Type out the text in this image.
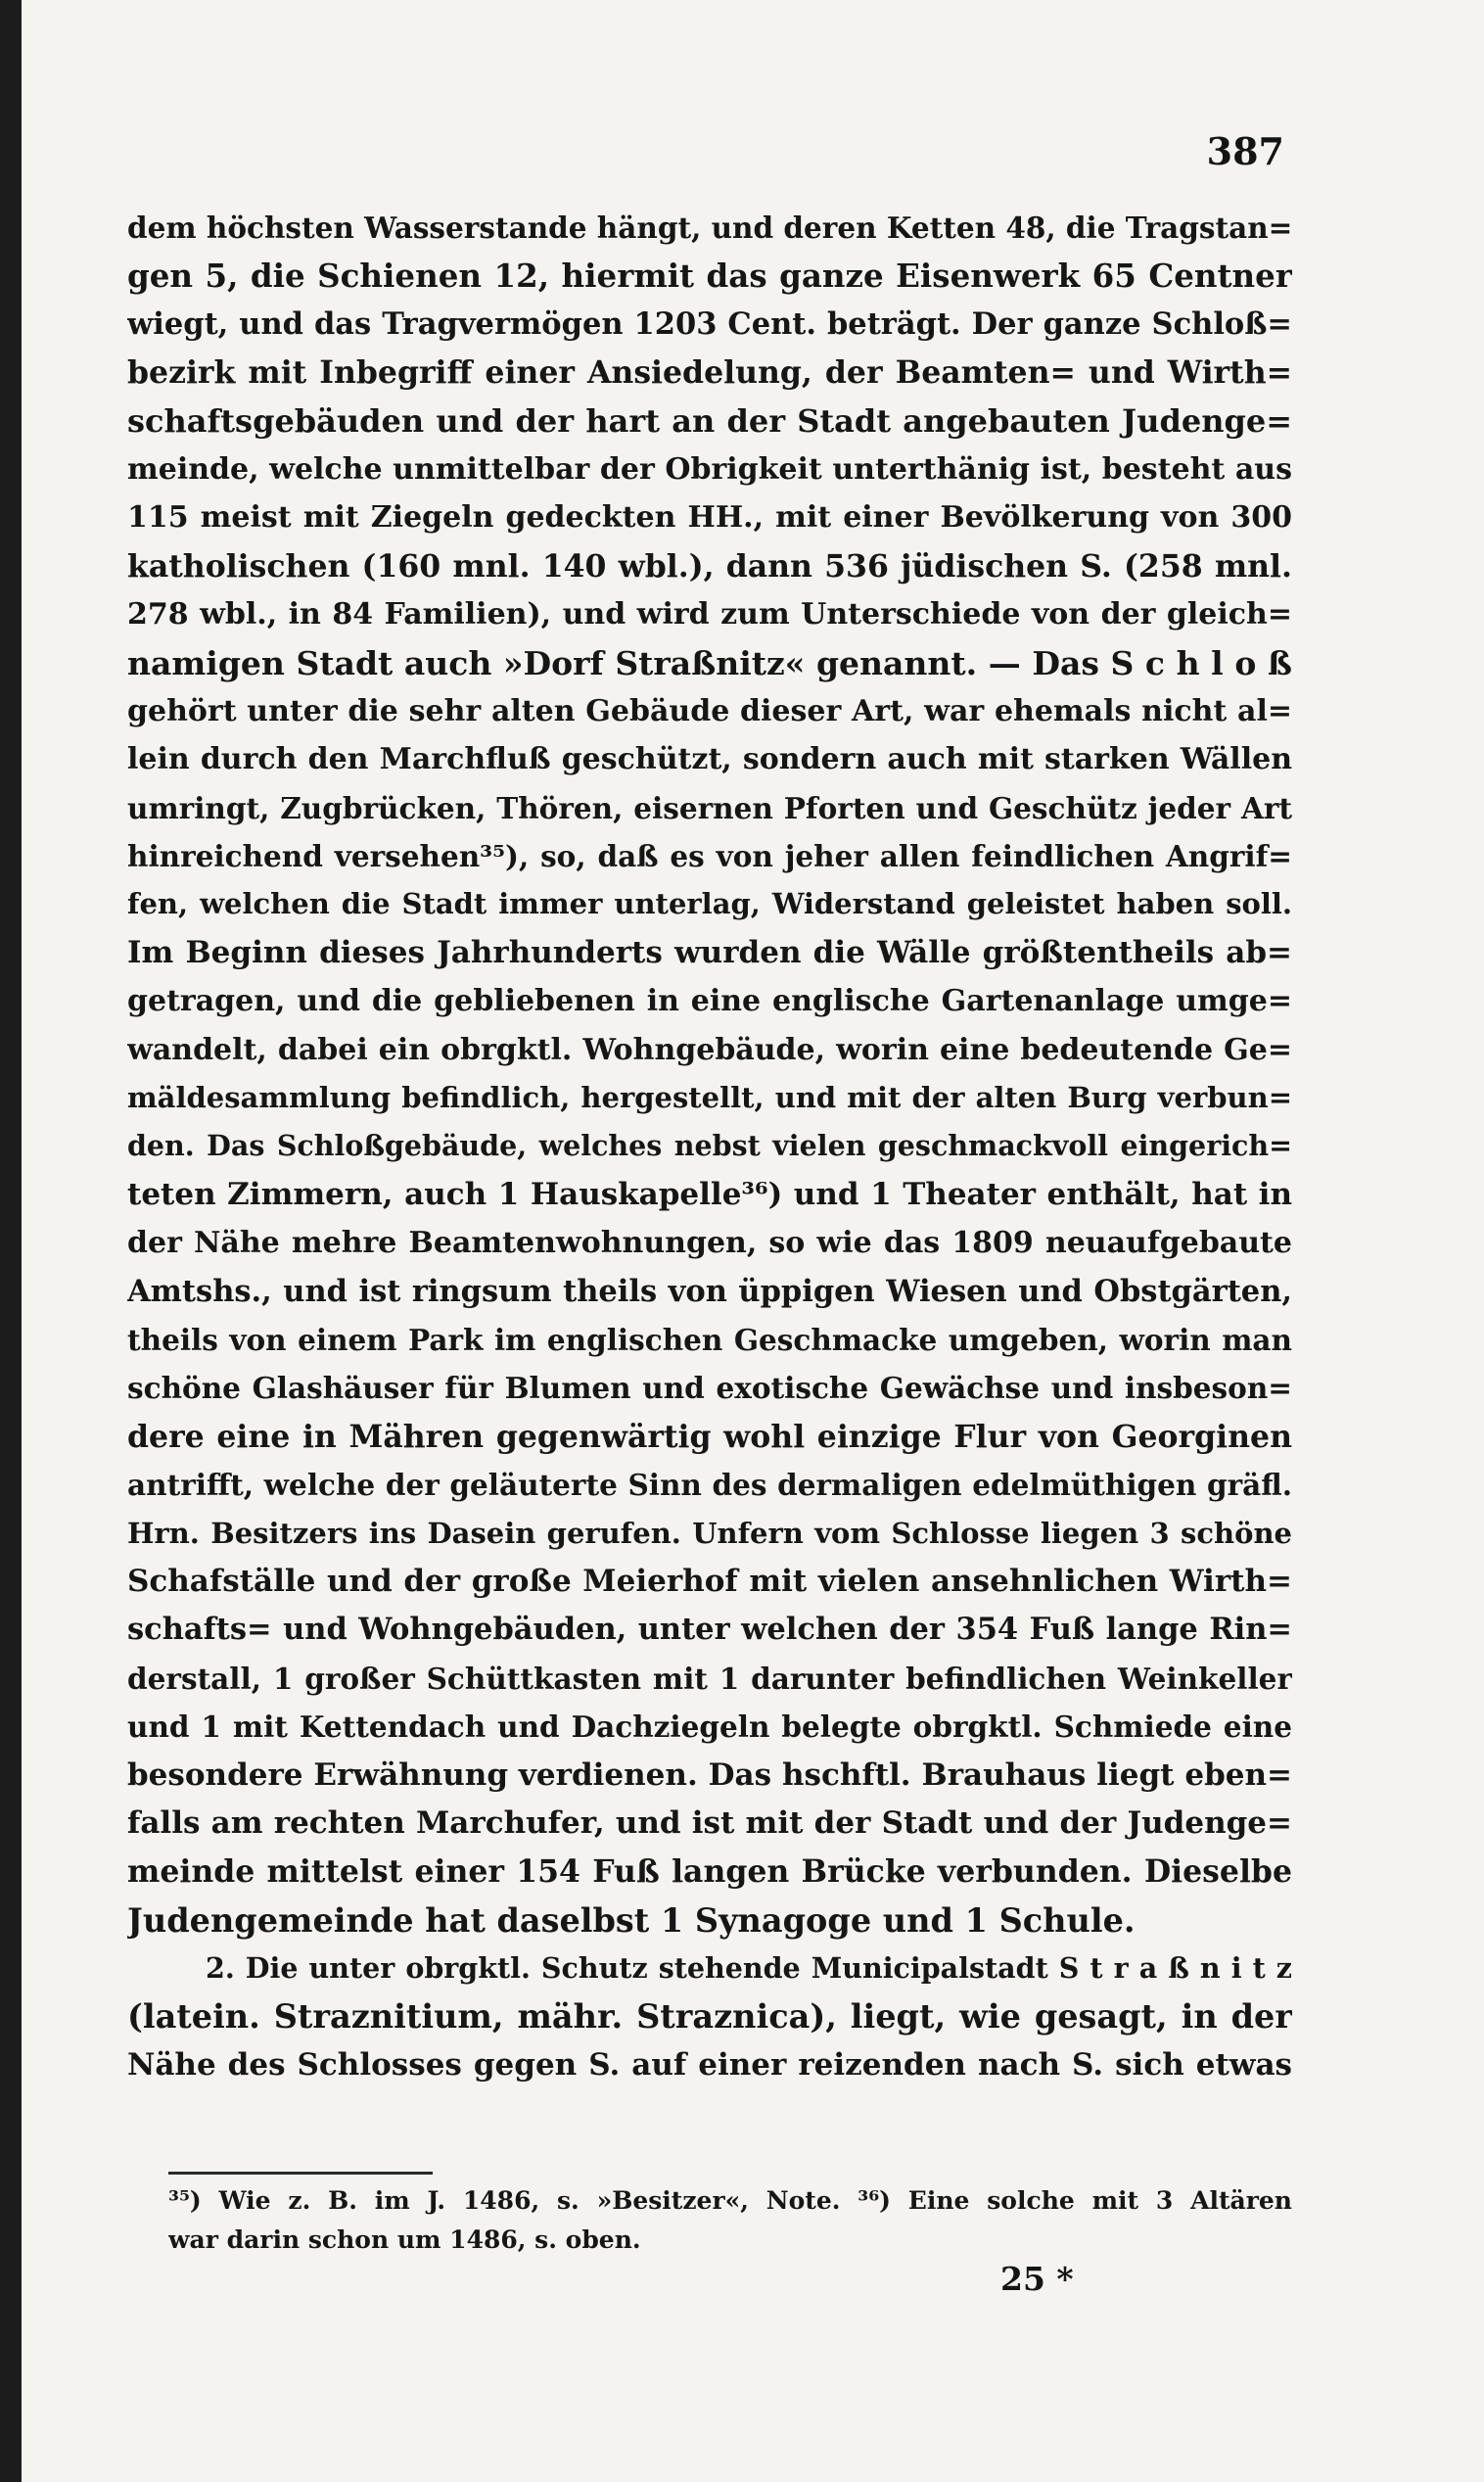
387
dem höchsten Wasserstande hängt, und deren Ketten 48, die Tragstan=
gen 5, die Schienen 12, hiermit das ganze Eisenwerk 65 Centner
wiegt, und das Tragvermögen 1203 Cent. beträgt. Der ganze Schloß=
bezirk mit Inbegriff einer Ansiedelung, der Beamten= und Wirth=
schaftsgebäuden und der hart an der Stadt angebauten Judenge=
meinde, welche unmittelbar der Obrigkeit unterthänig ist, besteht aus
115 meist mit Ziegeln gedeckten HH., mit einer Bevölkerung von 300
katholischen (160 mnl. 140 wbl.), dann 536 jüdischen S. (258 mnl.
278 wbl., in 84 Familien), und wird zum Unterschiede von der gleich=
namigen Stadt auch »Dorf Straßnitz« genannt. — Das S c h l o ß
gehört unter die sehr alten Gebäude dieser Art, war ehemals nicht al=
lein durch den Marchfluß geschützt, sondern auch mit starken Wällen
umringt, Zugbrücken, Thören, eisernen Pforten und Geschütz jeder Art
hinreichend versehen³⁵), so, daß es von jeher allen feindlichen Angrif=
fen, welchen die Stadt immer unterlag, Widerstand geleistet haben soll.
Im Beginn dieses Jahrhunderts wurden die Wälle größtentheils ab=
getragen, und die gebliebenen in eine englische Gartenanlage umge=
wandelt, dabei ein obrgktl. Wohngebäude, worin eine bedeutende Ge=
mäldesammlung befindlich, hergestellt, und mit der alten Burg verbun=
den. Das Schloßgebäude, welches nebst vielen geschmackvoll eingerich=
teten Zimmern, auch 1 Hauskapelle³⁶) und 1 Theater enthält, hat in
der Nähe mehre Beamtenwohnungen, so wie das 1809 neuaufgebaute
Amtshs., und ist ringsum theils von üppigen Wiesen und Obstgärten,
theils von einem Park im englischen Geschmacke umgeben, worin man
schöne Glashäuser für Blumen und exotische Gewächse und insbeson=
dere eine in Mähren gegenwärtig wohl einzige Flur von Georginen
antrifft, welche der geläuterte Sinn des dermaligen edelmüthigen gräfl.
Hrn. Besitzers ins Dasein gerufen. Unfern vom Schlosse liegen 3 schöne
Schafställe und der große Meierhof mit vielen ansehnlichen Wirth=
schafts= und Wohngebäuden, unter welchen der 354 Fuß lange Rin=
derstall, 1 großer Schüttkasten mit 1 darunter befindlichen Weinkeller
und 1 mit Kettendach und Dachziegeln belegte obrgktl. Schmiede eine
besondere Erwähnung verdienen. Das hschftl. Brauhaus liegt eben=
falls am rechten Marchufer, und ist mit der Stadt und der Judenge=
meinde mittelst einer 154 Fuß langen Brücke verbunden. Dieselbe
Judengemeinde hat daselbst 1 Synagoge und 1 Schule.
2. Die unter obrgktl. Schutz stehende Municipalstadt S t r a ß n i t z
(latein. Straznitium, mähr. Straznica), liegt, wie gesagt, in der
Nähe des Schlosses gegen S. auf einer reizenden nach S. sich etwas
³⁵) Wie z. B. im J. 1486, s. »Besitzer«, Note. ³⁶) Eine solche mit 3 Altären
war darin schon um 1486, s. oben.
25 *
